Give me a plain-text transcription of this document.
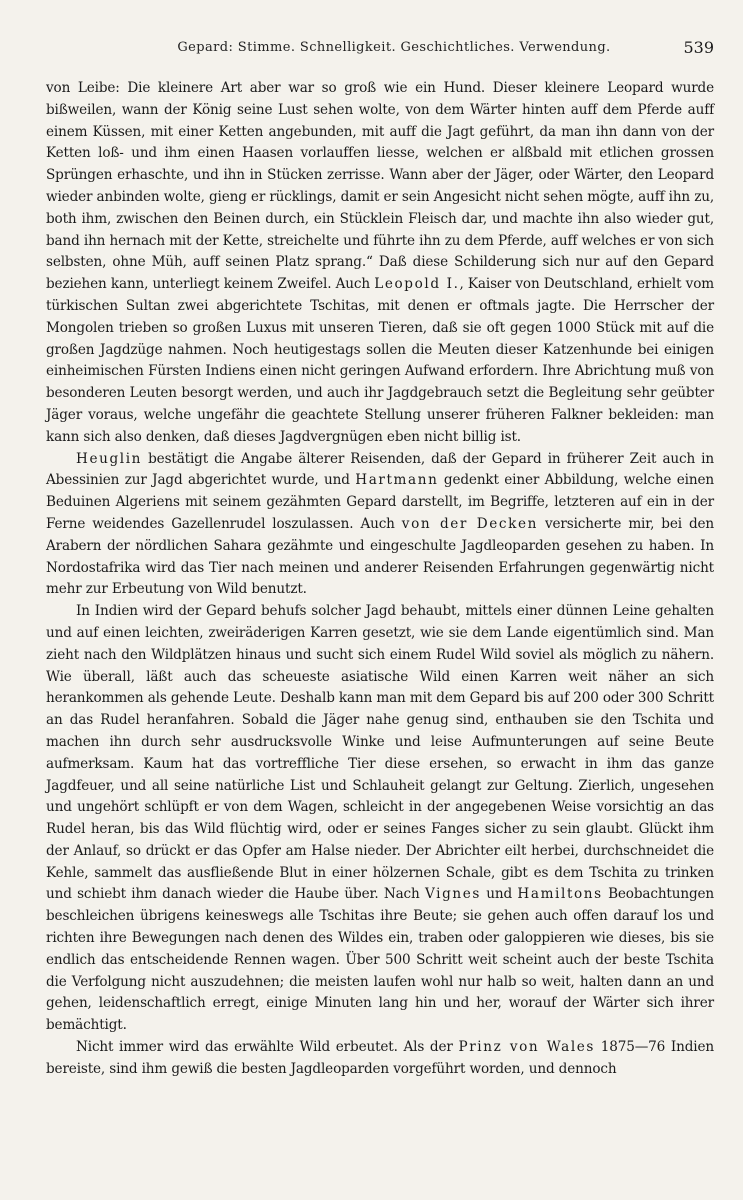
Gepard: Stimme. Schnelligkeit. Geschichtliches. Verwendung.	539

von Leibe: Die kleinere Art aber war so groß wie ein Hund. Dieser kleinere Leopard wurde bißweilen, wann der König seine Lust sehen wolte, von dem Wärter hinten auff dem Pferde auff einem Küssen, mit einer Ketten angebunden, mit auff die Jagt geführt, da man ihn dann von der Ketten loß- und ihm einen Haasen vorlauffen liesse, welchen er alßbald mit etlichen grossen Sprüngen erhaschte, und ihn in Stücken zerrisse. Wann aber der Jäger, oder Wärter, den Leopard wieder anbinden wolte, gieng er rücklings, damit er sein Angesicht nicht sehen mögte, auff ihn zu, both ihm, zwischen den Beinen durch, ein Stücklein Fleisch dar, und machte ihn also wieder gut, band ihn hernach mit der Kette, streichelte und führte ihn zu dem Pferde, auff welches er von sich selbsten, ohne Müh, auff seinen Platz sprang.“ Daß diese Schilderung sich nur auf den Gepard beziehen kann, unterliegt keinem Zweifel. Auch Leopold I., Kaiser von Deutschland, erhielt vom türkischen Sultan zwei abgerichtete Tschitas, mit denen er oftmals jagte. Die Herrscher der Mongolen trieben so großen Luxus mit unseren Tieren, daß sie oft gegen 1000 Stück mit auf die großen Jagdzüge nahmen. Noch heutigestags sollen die Meuten dieser Katzenhunde bei einigen einheimischen Fürsten Indiens einen nicht geringen Aufwand erfordern. Ihre Abrichtung muß von besonderen Leuten besorgt werden, und auch ihr Jagdgebrauch setzt die Begleitung sehr geübter Jäger voraus, welche ungefähr die geachtete Stellung unserer früheren Falkner bekleiden: man kann sich also denken, daß dieses Jagdvergnügen eben nicht billig ist.

Heuglin bestätigt die Angabe älterer Reisenden, daß der Gepard in früherer Zeit auch in Abessinien zur Jagd abgerichtet wurde, und Hartmann gedenkt einer Abbildung, welche einen Beduinen Algeriens mit seinem gezähmten Gepard darstellt, im Begriffe, letzteren auf ein in der Ferne weidendes Gazellenrudel loszulassen. Auch von der Decken versicherte mir, bei den Arabern der nördlichen Sahara gezähmte und eingeschulte Jagdleoparden gesehen zu haben. In Nordostafrika wird das Tier nach meinen und anderer Reisenden Erfahrungen gegenwärtig nicht mehr zur Erbeutung von Wild benutzt.

In Indien wird der Gepard behufs solcher Jagd behaubt, mittels einer dünnen Leine gehalten und auf einen leichten, zweiräderigen Karren gesetzt, wie sie dem Lande eigentümlich sind. Man zieht nach den Wildplätzen hinaus und sucht sich einem Rudel Wild soviel als möglich zu nähern. Wie überall, läßt auch das scheueste asiatische Wild einen Karren weit näher an sich herankommen als gehende Leute. Deshalb kann man mit dem Gepard bis auf 200 oder 300 Schritt an das Rudel heranfahren. Sobald die Jäger nahe genug sind, enthauben sie den Tschita und machen ihn durch sehr ausdrucksvolle Winke und leise Aufmunterungen auf seine Beute aufmerksam. Kaum hat das vortreffliche Tier diese ersehen, so erwacht in ihm das ganze Jagdfeuer, und all seine natürliche List und Schlauheit gelangt zur Geltung. Zierlich, ungesehen und ungehört schlüpft er von dem Wagen, schleicht in der angegebenen Weise vorsichtig an das Rudel heran, bis das Wild flüchtig wird, oder er seines Fanges sicher zu sein glaubt. Glückt ihm der Anlauf, so drückt er das Opfer am Halse nieder. Der Abrichter eilt herbei, durchschneidet die Kehle, sammelt das ausfließende Blut in einer hölzernen Schale, gibt es dem Tschita zu trinken und schiebt ihm danach wieder die Haube über. Nach Vignes und Hamiltons Beobachtungen beschleichen übrigens keineswegs alle Tschitas ihre Beute; sie gehen auch offen darauf los und richten ihre Bewegungen nach denen des Wildes ein, traben oder galoppieren wie dieses, bis sie endlich das entscheidende Rennen wagen. Über 500 Schritt weit scheint auch der beste Tschita die Verfolgung nicht auszudehnen; die meisten laufen wohl nur halb so weit, halten dann an und gehen, leidenschaftlich erregt, einige Minuten lang hin und her, worauf der Wärter sich ihrer bemächtigt.

Nicht immer wird das erwählte Wild erbeutet. Als der Prinz von Wales 1875—76 Indien bereiste, sind ihm gewiß die besten Jagdleoparden vorgeführt worden, und dennoch
